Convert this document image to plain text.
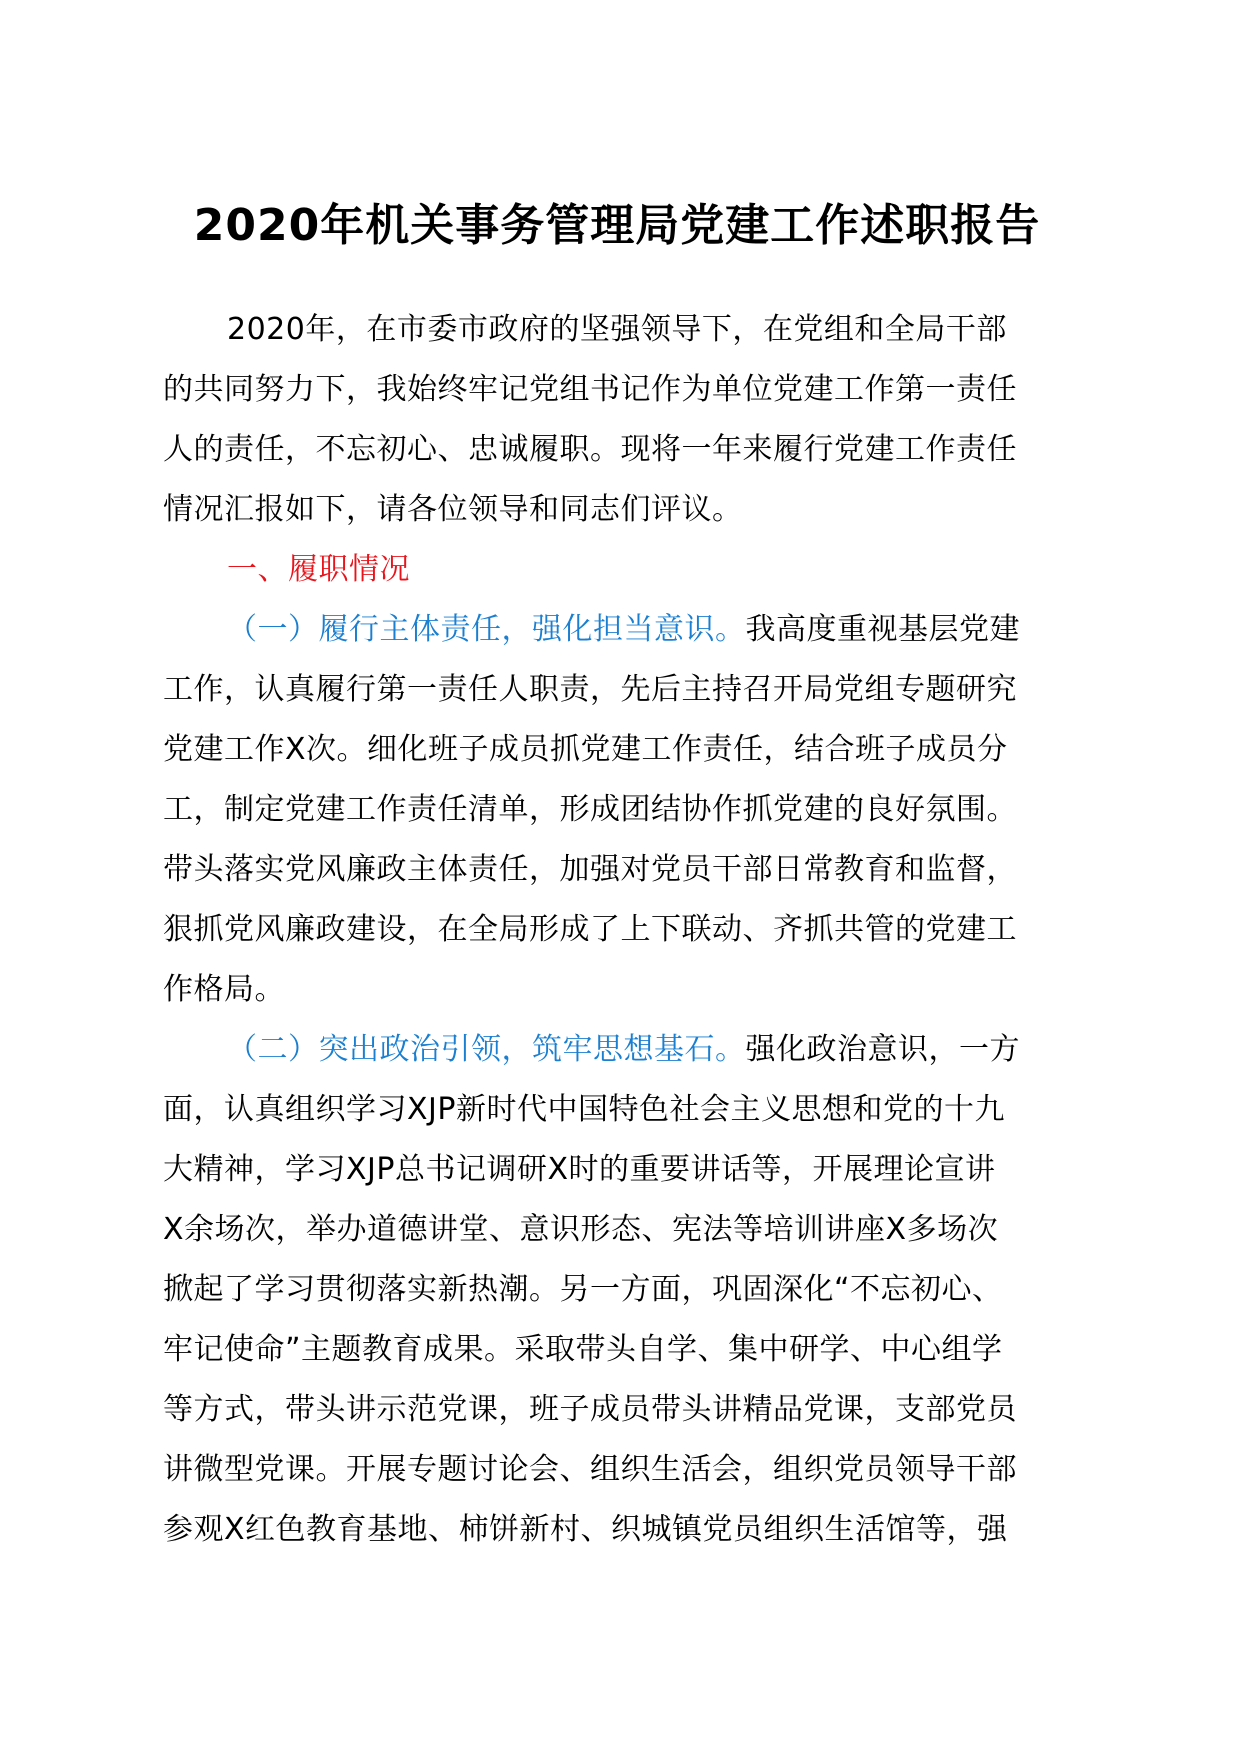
2020年机关事务管理局党建工作述职报告
2020年，在市委市政府的坚强领导下，在党组和全局干部
的共同努力下，我始终牢记党组书记作为单位党建工作第一责任
人的责任，不忘初心、忠诚履职。现将一年来履行党建工作责任
情况汇报如下，请各位领导和同志们评议。
一、履职情况
（一）履行主体责任，强化担当意识。我高度重视基层党建
工作，认真履行第一责任人职责，先后主持召开局党组专题研究
党建工作X次。细化班子成员抓党建工作责任，结合班子成员分
工，制定党建工作责任清单，形成团结协作抓党建的良好氛围。
带头落实党风廉政主体责任，加强对党员干部日常教育和监督，
狠抓党风廉政建设，在全局形成了上下联动、齐抓共管的党建工
作格局。
（二）突出政治引领，筑牢思想基石。强化政治意识，一方
面，认真组织学习XJP新时代中国特色社会主义思想和党的十九
大精神，学习XJP总书记调研X时的重要讲话等，开展理论宣讲
X余场次，举办道德讲堂、意识形态、宪法等培训讲座X多场次
掀起了学习贯彻落实新热潮。另一方面，巩固深化“不忘初心、
牢记使命”主题教育成果。采取带头自学、集中研学、中心组学
等方式，带头讲示范党课，班子成员带头讲精品党课，支部党员
讲微型党课。开展专题讨论会、组织生活会，组织党员领导干部
参观X红色教育基地、柿饼新村、织城镇党员组织生活馆等，强
